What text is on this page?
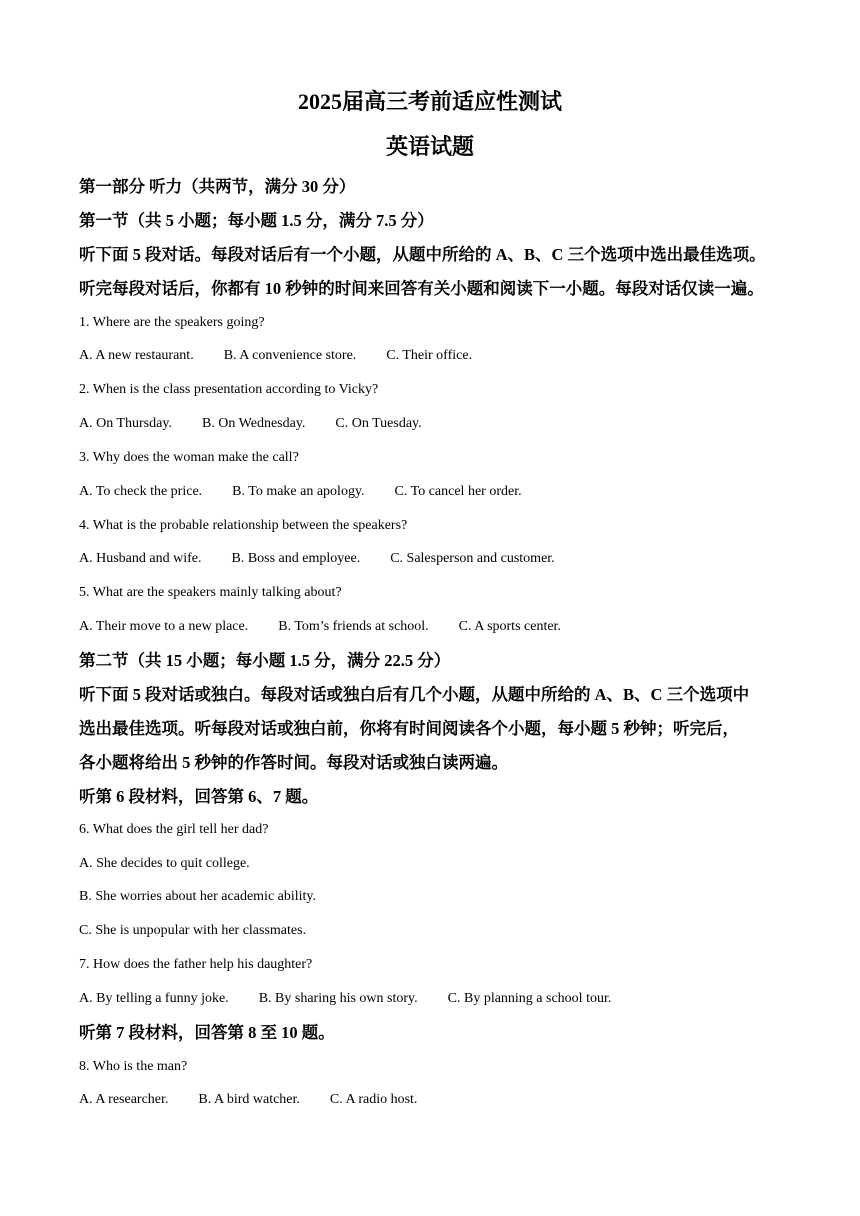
2025届高三考前适应性测试
英语试题
第一部分 听力（共两节，满分 30 分）
第一节（共 5 小题；每小题 1.5 分，满分 7.5 分）
听下面 5 段对话。每段对话后有一个小题，从题中所给的 A、B、C 三个选项中选出最佳选项。
听完每段对话后，你都有 10 秒钟的时间来回答有关小题和阅读下一小题。每段对话仅读一遍。
1. Where are the speakers going?
A. A new restaurant. B. A convenience store. C. Their office.
2. When is the class presentation according to Vicky?
A. On Thursday. B. On Wednesday. C. On Tuesday.
3. Why does the woman make the call?
A. To check the price. B. To make an apology. C. To cancel her order.
4. What is the probable relationship between the speakers?
A. Husband and wife. B. Boss and employee. C. Salesperson and customer.
5. What are the speakers mainly talking about?
A. Their move to a new place. B. Tom’s friends at school. C. A sports center.
第二节（共 15 小题；每小题 1.5 分，满分 22.5 分）
听下面 5 段对话或独白。每段对话或独白后有几个小题，从题中所给的 A、B、C 三个选项中
选出最佳选项。听每段对话或独白前，你将有时间阅读各个小题，每小题 5 秒钟；听完后，
各小题将给出 5 秒钟的作答时间。每段对话或独白读两遍。
听第 6 段材料，回答第 6、7 题。
6. What does the girl tell her dad?
A. She decides to quit college.
B. She worries about her academic ability.
C. She is unpopular with her classmates.
7. How does the father help his daughter?
A. By telling a funny joke. B. By sharing his own story. C. By planning a school tour.
听第 7 段材料，回答第 8 至 10 题。
8. Who is the man?
A. A researcher. B. A bird watcher. C. A radio host.
